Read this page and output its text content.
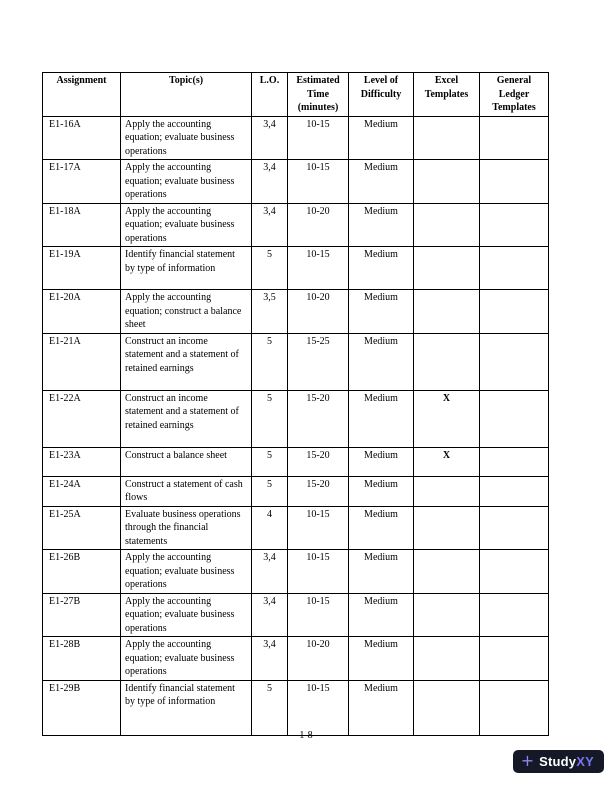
Assignment	Topic(s)	L.O.	Estimated Time (minutes)	Level of Difficulty	Excel Templates	General Ledger Templates
E1-16A	Apply the accounting equation; evaluate business operations	3,4	10-15	Medium		
E1-17A	Apply the accounting equation; evaluate business operations	3,4	10-15	Medium		
E1-18A	Apply the accounting equation; evaluate business operations	3,4	10-20	Medium		
E1-19A	Identify financial statement by type of information	5	10-15	Medium		
E1-20A	Apply the accounting equation; construct a balance sheet	3,5	10-20	Medium		
E1-21A	Construct an income statement and a statement of retained earnings	5	15-25	Medium		
E1-22A	Construct an income statement and a statement of retained earnings	5	15-20	Medium	X	
E1-23A	Construct a balance sheet	5	15-20	Medium	X	
E1-24A	Construct a statement of cash flows	5	15-20	Medium		
E1-25A	Evaluate business operations through the financial statements	4	10-15	Medium		
E1-26B	Apply the accounting equation; evaluate business operations	3,4	10-15	Medium		
E1-27B	Apply the accounting equation; evaluate business operations	3,4	10-15	Medium		
E1-28B	Apply the accounting equation; evaluate business operations	3,4	10-20	Medium		
E1-29B	Identify financial statement by type of information	5	10-15	Medium		
1-8
+ StudyXY
